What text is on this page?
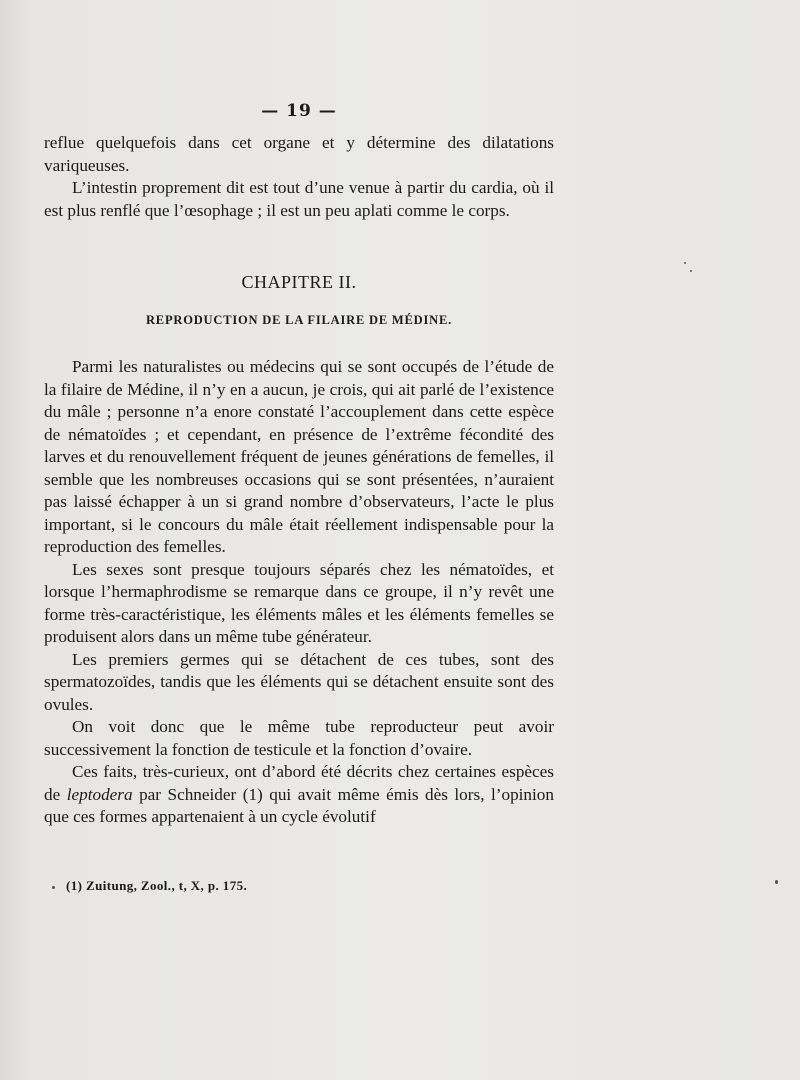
— 19 —

reflue quelquefois dans cet organe et y détermine des dilatations variqueuses.

L’intestin proprement dit est tout d’une venue à partir du cardia, où il est plus renflé que l’œsophage ; il est un peu aplati comme le corps.

CHAPITRE II.
REPRODUCTION DE LA FILAIRE DE MÉDINE.

Parmi les naturalistes ou médecins qui se sont occupés de l’étude de la filaire de Médine, il n’y en a aucun, je crois, qui ait parlé de l’existence du mâle ; personne n’a enore constaté l’accouplement dans cette espèce de nématoïdes ; et cependant, en présence de l’extrême fécondité des larves et du renouvellement fréquent de jeunes générations de femelles, il semble que les nombreuses occasions qui se sont présentées, n’auraient pas laissé échapper à un si grand nombre d’observateurs, l’acte le plus important, si le concours du mâle était réellement indispensable pour la reproduction des femelles.

Les sexes sont presque toujours séparés chez les nématoïdes, et lorsque l’hermaphrodisme se remarque dans ce groupe, il n’y revêt une forme très-caractéristique, les éléments mâles et les éléments femelles se produisent alors dans un même tube générateur.

Les premiers germes qui se détachent de ces tubes, sont des spermatozoïdes, tandis que les éléments qui se détachent ensuite sont des ovules.

On voit donc que le même tube reproducteur peut avoir successivement la fonction de testicule et la fonction d’ovaire.

Ces faits, très-curieux, ont d’abord été décrits chez certaines espèces de leptodera par Schneider (1) qui avait même émis dès lors, l’opinion que ces formes appartenaient à un cycle évolutif

(1) Zuitung, Zool., t, X, p. 175.
